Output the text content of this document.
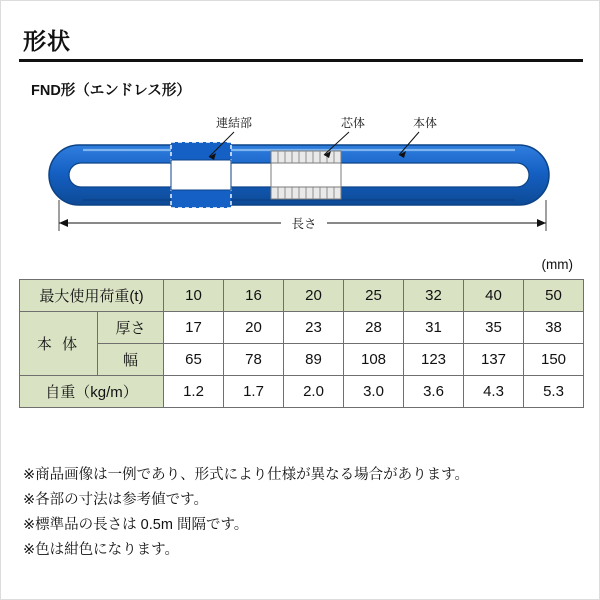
形状
FND形（エンドレス形）
連結部	芯体	本体
長さ
(mm)
最大使用荷重(t)		10	16	20	25	32	40	50
本 体	厚さ	17	20	23	28	31	35	38
	幅	65	78	89	108	123	137	150
自重（kg/m）		1.2	1.7	2.0	3.0	3.6	4.3	5.3
※商品画像は一例であり、形式により仕様が異なる場合があります。
※各部の寸法は参考値です。
※標準品の長さは 0.5m 間隔です。
※色は紺色になります。
